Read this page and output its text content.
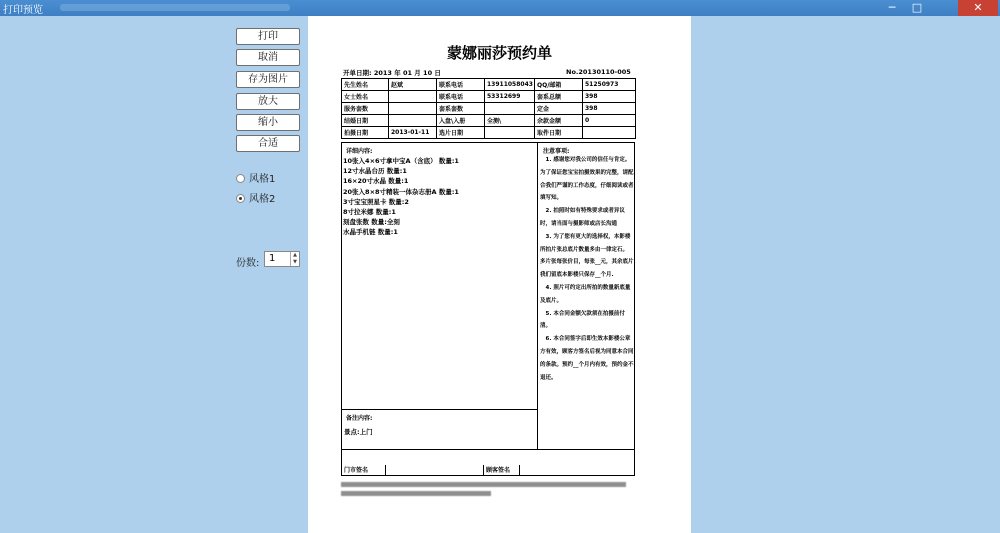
打印预览	─	□	✕
打印
取消
存为图片
放大
缩小
合适
风格1
风格2
份数: 1	▲
▼
蒙娜丽莎预约单
开单日期: 2013 年 01 月 10 日	No.20130110-005
先生姓名	赵斌	联系电话	13911058043	QQ/邮箱	51250973
女士姓名		联系电话	53312699	套系总额	398
服务套数		套系套数		定金	398
结婚日期		入盘\入册	全测\	余款金额	0
拍摄日期	2013-01-11	选片日期		取件日期	
详细内容:
10张入4×6寸拿中宝A（含底） 数量:1
12寸水晶台历 数量:1
16×20寸水晶 数量:1
20张入8×8寸精装一体杂志册A 数量:1
3寸宝宝照星卡 数量:2
8寸拉米娜 数量:1
刻盘张数 数量:全刻
水晶手机链 数量:1
注意事项:

1. 感谢您对我公司的信任与肯定。为了保证您宝宝拍摄效果的完整，请配合我们严谨的工作态度，仔细阅读或者填写知。

2. 拍照时如有特殊要求或者异议时，请当面与摄影师或店长沟通

3. 为了您有更大的选择权，本影楼所拍片张总底片数量多由一律定石。 多片张每张价目，每张__元，其余底片我们留底本影楼只保存__个月.

4. 照片可约定出所拍的数量新底量及底片。

5. 本合同金额欠款须在拍摄前付清。

6. 本合同签字后即生效本影楼公章方有效，顾客方签名后视为同意本合同的条款。预约__个月内有效，预约金不退还。

备注内容:
景点:上门
门市签名	顾客签名
